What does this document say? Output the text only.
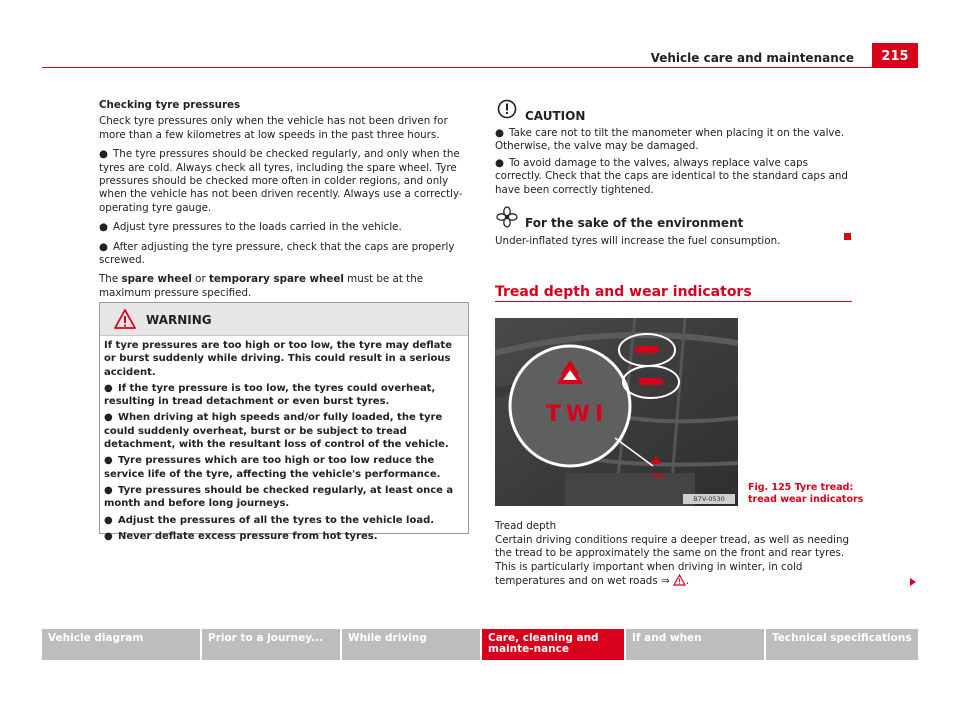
Vehicle care and maintenance	215

Checking tyre pressures

Check tyre pressures only when the vehicle has not been driven for more than a few kilometres at low speeds in the past three hours.

● The tyre pressures should be checked regularly, and only when the tyres are cold. Always check all tyres, including the spare wheel. Tyre pressures should be checked more often in colder regions, and only when the vehicle has not been driven recently. Always use a correctly-operating tyre gauge.

● Adjust tyre pressures to the loads carried in the vehicle.

● After adjusting the tyre pressure, check that the caps are properly screwed.

The spare wheel or temporary spare wheel must be at the maximum pressure specified.

WARNING

If tyre pressures are too high or too low, the tyre may deflate or burst suddenly while driving. This could result in a serious accident.

● If the tyre pressure is too low, the tyres could overheat, resulting in tread detachment or even burst tyres.

● When driving at high speeds and/or fully loaded, the tyre could suddenly overheat, burst or be subject to tread detachment, with the resultant loss of control of the vehicle.

● Tyre pressures which are too high or too low reduce the service life of the tyre, affecting the vehicle's performance.

● Tyre pressures should be checked regularly, at least once a month and before long journeys.

● Adjust the pressures of all the tyres to the vehicle load.

● Never deflate excess pressure from hot tyres.

CAUTION

● Take care not to tilt the manometer when placing it on the valve. Otherwise, the valve may be damaged.

● To avoid damage to the valves, always replace valve caps correctly. Check that the caps are identical to the standard caps and have been correctly tightened.

For the sake of the environment
Under-inflated tyres will increase the fuel consumption.
Tread depth and wear indicators
TWI
TWI
B7V-0530
Fig. 125 Tyre tread:
tread wear indicators
Tread depth

Certain driving conditions require a deeper tread, as well as needing the tread to be approximately the same on the front and rear tyres. This is particularly important when driving in winter, in cold temperatures and on wet roads ⇒ .

Vehicle diagram	Prior to a journey...	While driving	Care, cleaning and mainte-nance
If and when	Technical specifications
